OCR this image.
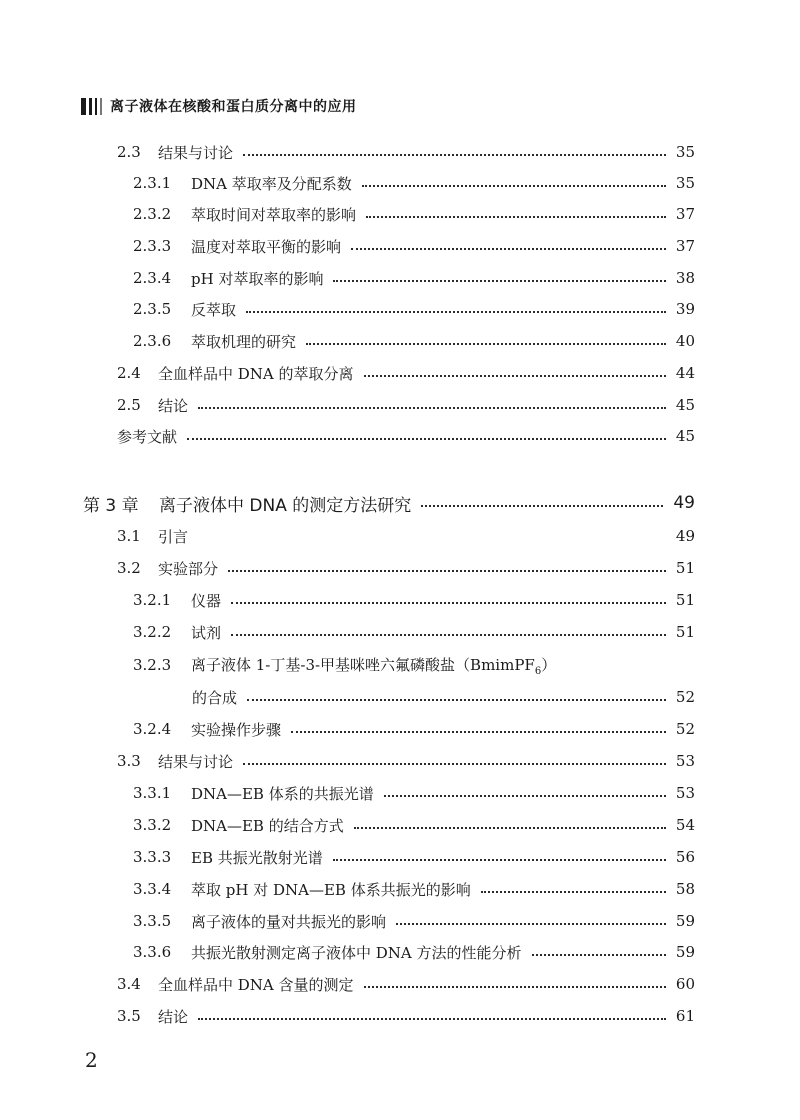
离子液体在核酸和蛋白质分离中的应用
2.3	结果与讨论	35
2.3.1	DNA 萃取率及分配系数	35
2.3.2	萃取时间对萃取率的影响	37
2.3.3	温度对萃取平衡的影响	37
2.3.4	pH 对萃取率的影响	38
2.3.5	反萃取	39
2.3.6	萃取机理的研究	40
2.4	全血样品中 DNA 的萃取分离	44
2.5	结论	45
参考文献	45
第 3 章	离子液体中 DNA 的测定方法研究	49
3.1	引言	49
3.2	实验部分	51
3.2.1	仪器	51
3.2.2	试剂	51
3.2.3	离子液体 1-丁基-3-甲基咪唑六氟磷酸盐（BmimPF$_6$）
的合成	52
3.2.4	实验操作步骤	52
3.3	结果与讨论	53
3.3.1	DNA—EB 体系的共振光谱	53
3.3.2	DNA—EB 的结合方式	54
3.3.3	EB 共振光散射光谱	56
3.3.4	萃取 pH 对 DNA—EB 体系共振光的影响	58
3.3.5	离子液体的量对共振光的影响	59
3.3.6	共振光散射测定离子液体中 DNA 方法的性能分析	59
3.4	全血样品中 DNA 含量的测定	60
3.5	结论	61
2
